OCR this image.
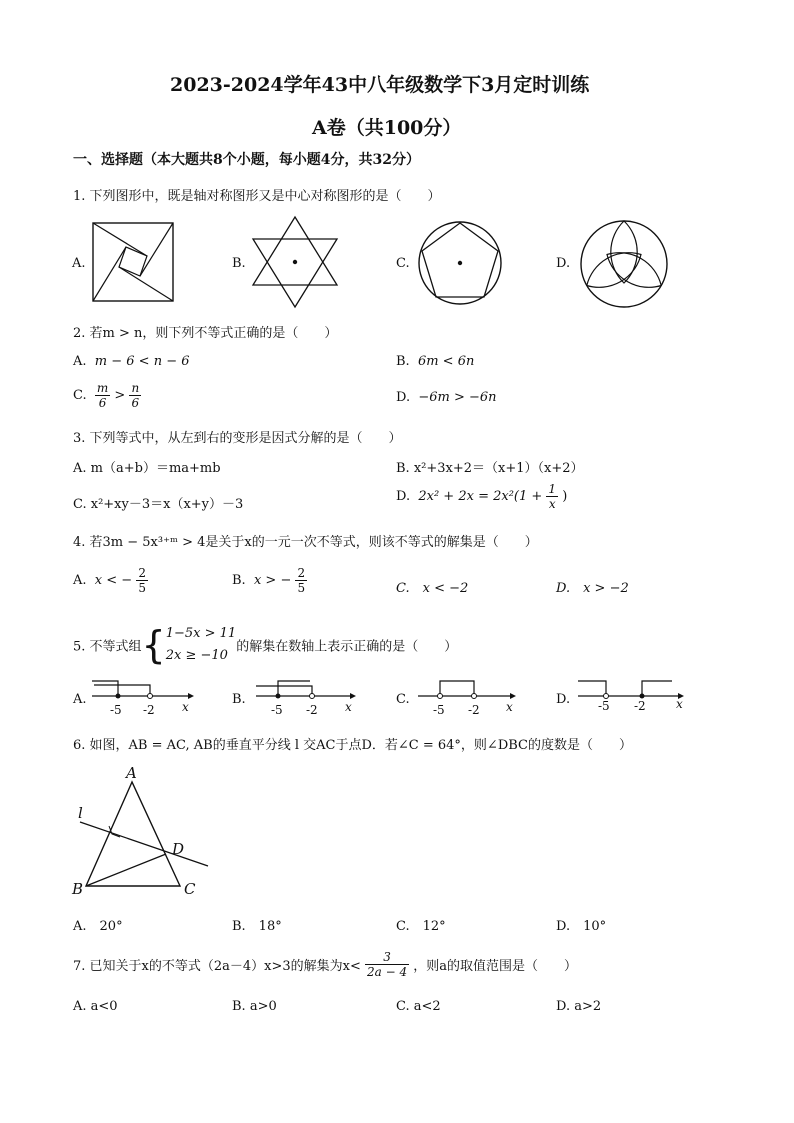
2023-2024学年43中八年级数学下3月定时训练
A卷（共100分）
一、选择题（本大题共8个小题，每小题4分，共32分）
1. 下列图形中，既是轴对称图形又是中心对称图形的是（　　）
A.	B.	C.	D.
2. 若m > n，则下列不等式正确的是（　　）
A. m − 6 < n − 6	B. 6m < 6n
C. $\frac{m}{6} > \frac{n}{6}$	D. −6m > −6n
3. 下列等式中，从左到右的变形是因式分解的是（　　）
A. m（a+b）＝ma+mb	B. x²+3x+2＝（x+1）（x+2）
C. x²+xy－3＝x（x+y）－3
D. $2x^2 + 2x = 2x^2(1 + \frac{1}{x}$ )
4. 若3m − 5x³⁺ᵐ > 4是关于x的一元一次不等式，则该不等式的解集是（　　）
A. x < − $\frac{2}{5}$	B. x > − $\frac{2}{5}$	C.　x < −2	D.　x > −2
5. 不等式组{ 1−5x > 11
2x ≥ −10
的解集在数轴上表示正确的是（　　）
A.
-5 -2 x	B.
-5 -2 x	C.
-5 -2 x	D. -5 -2	x
6. 如图，AB = AC, AB的垂直平分线 l 交AC于点D．若∠C = 64°，则∠DBC的度数是（　　）
A
B	C
D
l
A.　20°	B.　18°	C.　12°	D.　10°
7. 已知关于x的不等式（2a－4）x>3的解集为$x< \frac{3}{2a - 4}$ ，则a的取值范围是（　　）
A. a<0	B. a>0	C. a<2	D. a>2
